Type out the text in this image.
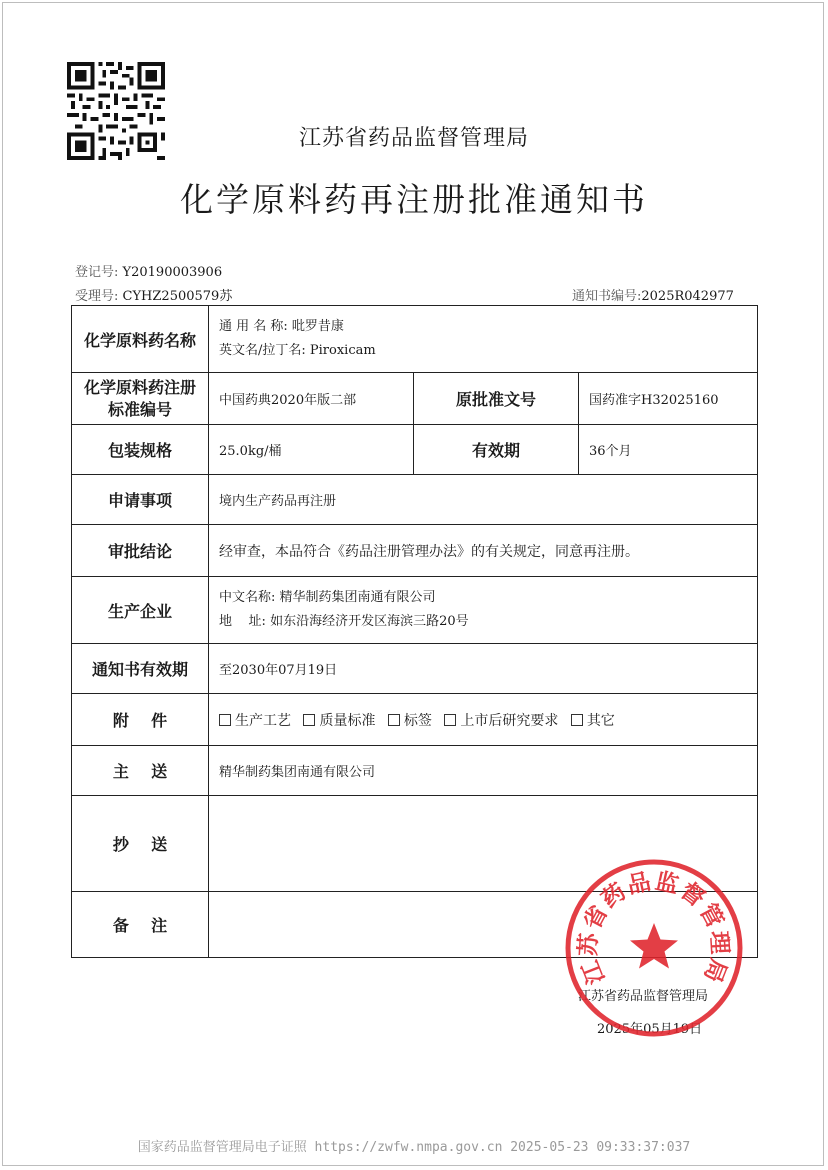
江苏省药品监督管理局
化学原料药再注册批准通知书
登记号: Y20190003906
受理号: CYHZ2500579苏	通知书编号:2025R042977
化学原料药名称	通 用 名 称: 吡罗昔康
英文名/拉丁名: Piroxicam		

化学原料药注册标准编号	中国药典2020年版二部	原批准文号	国药准字H32025160
包装规格	25.0kg/桶	有效期	36个月
申请事项	境内生产药品再注册		
审批结论	经审查，本品符合《药品注册管理办法》的有关规定，同意再注册。		
生产企业	中文名称: 精华制药集团南通有限公司
地    址: 如东沿海经济开发区海滨三路20号		

通知书有效期	至2030年07月19日		
附    件	生产工艺 质量标准 标签 上市后研究要求 其它		
主    送	精华制药集团南通有限公司		
抄    送			
备    注			
江苏省药品监督管理局
2025年05月19日
江苏省药品监督管理局
国家药品监督管理局电子证照 https://zwfw.nmpa.gov.cn 2025-05-23 09:33:37:037
